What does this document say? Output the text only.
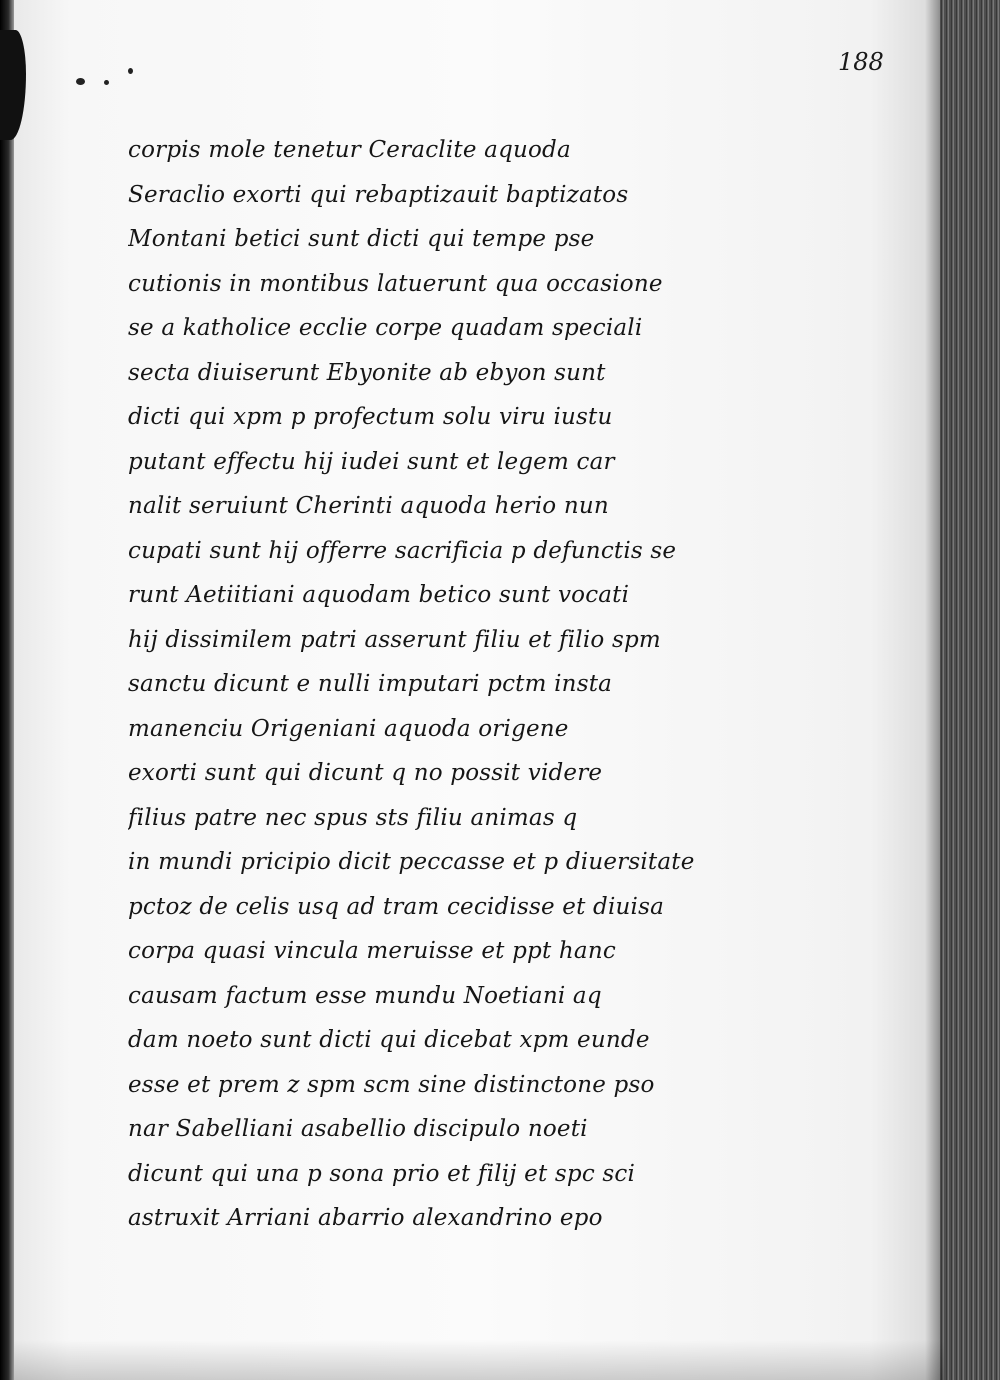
188
corpis mole tenetur Ceraclite aquoda
Seraclio exorti qui rebaptizauit baptizatos
Montani betici sunt dicti qui tempe pse
cutionis in montibus latuerunt qua occasione
se a katholice ecclie corpe quadam speciali
secta diuiserunt Ebyonite ab ebyon sunt
dicti qui xpm p profectum solu viru iustu
putant effectu hij iudei sunt et legem car
nalit seruiunt Cherinti aquoda herio nun
cupati sunt hij offerre sacrificia p defunctis se
runt Aetiitiani aquodam betico sunt vocati
hij dissimilem patri asserunt filiu et filio spm
sanctu dicunt e nulli imputari pctm insta
manenciu Origeniani aquoda origene
exorti sunt qui dicunt q no possit videre
filius patre nec spus sts filiu animas q
in mundi pricipio dicit peccasse et p diuersitate
pctoz de celis usq ad tram cecidisse et diuisa
corpa quasi vincula meruisse et ppt hanc
causam factum esse mundu Noetiani aq
dam noeto sunt dicti qui dicebat xpm eunde
esse et prem z spm scm sine distinctone pso
nar Sabelliani asabellio discipulo noeti
dicunt qui una p sona prio et filij et spc sci
astruxit Arriani abarrio alexandrino epo
